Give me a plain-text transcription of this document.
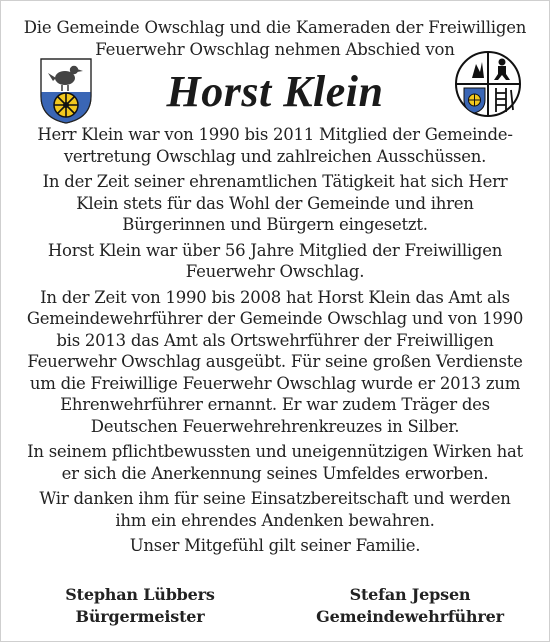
Die Gemeinde Owschlag und die Kameraden der Freiwilligen
Feuerwehr Owschlag nehmen Abschied von
Horst Klein

Herr Klein war von 1990 bis 2011 Mitglied der Gemeinde-vertretung Owschlag und zahlreichen Ausschüssen.

In der Zeit seiner ehrenamtlichen Tätigkeit hat sich Herr Klein stets für das Wohl der Gemeinde und ihren Bürgerinnen und Bürgern eingesetzt.

Horst Klein war über 56 Jahre Mitglied der Freiwilligen Feuerwehr Owschlag.

In der Zeit von 1990 bis 2008 hat Horst Klein das Amt als Gemeindewehrführer der Gemeinde Owschlag und von 1990 bis 2013 das Amt als Ortswehrführer der Freiwilligen Feuerwehr Owschlag ausgeübt. Für seine großen Verdienste um die Freiwillige Feuerwehr Owschlag wurde er 2013 zum Ehrenwehrführer ernannt. Er war zudem Träger des Deutschen Feuerwehrehrenkreuzes in Silber.

In seinem pflichtbewussten und uneigennützigen Wirken hat er sich die Anerkennung seines Umfeldes erworben.

Wir danken ihm für seine Einsatzbereitschaft und werden ihm ein ehrendes Andenken bewahren.

Unser Mitgefühl gilt seiner Familie.

Stephan Lübbers
Bürgermeister
Stefan Jepsen
Gemeindewehrführer
